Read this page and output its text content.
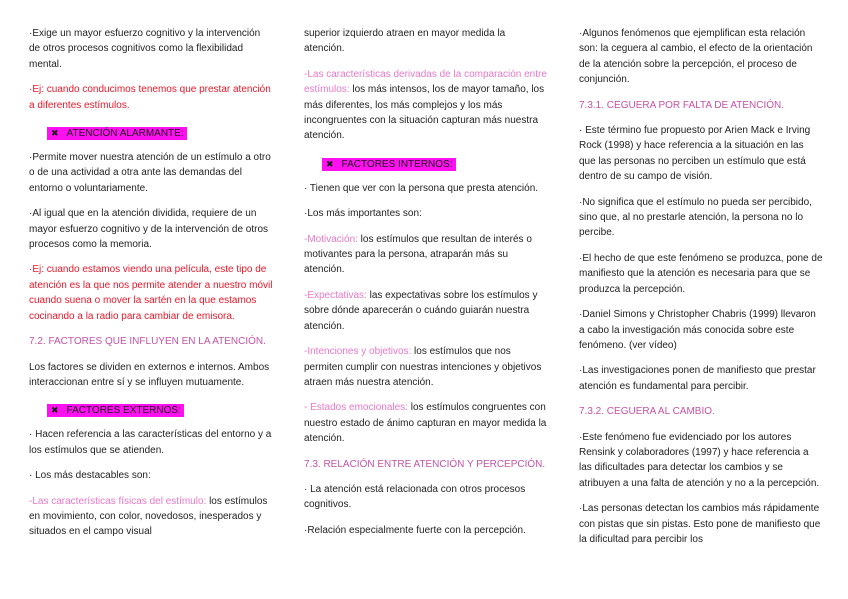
·Exige un mayor esfuerzo cognitivo y la intervención de otros procesos cognitivos como la flexibilidad mental.

·Ej: cuando conducimos tenemos que prestar atención a diferentes estímulos.

✖ ATENCIÓN ALARMANTE:

·Permite mover nuestra atención de un estímulo a otro o de una actividad a otra ante las demandas del entorno o voluntariamente.

·Al igual que en la atención dividida, requiere de un mayor esfuerzo cognitivo y de la intervención de otros procesos como la memoria.

·Ej: cuando estamos viendo una película, este tipo de atención es la que nos permite atender a nuestro móvil cuando suena o mover la sartén en la que estamos cocinando a la radio para cambiar de emisora.

7.2. FACTORES QUE INFLUYEN EN LA ATENCIÓN.

Los factores se dividen en externos e internos. Ambos interaccionan entre sí y se influyen mutuamente.

✖ FACTORES EXTERNOS:

· Hacen referencia a las características del entorno y a los estímulos que se atienden.

· Los más destacables son:

-Las características físicas del estímulo: los estímulos en movimiento, con color, novedosos, inesperados y situados en el campo visual

superior izquierdo atraen en mayor medida la atención.

-Las características derivadas de la comparación entre estímulos: los más intensos, los de mayor tamaño, los más diferentes, los más complejos y los más incongruentes con la situación capturan más nuestra atención.

✖ FACTORES INTERNOS:

· Tienen que ver con la persona que presta atención.

·Los más importantes son:

-Motivación: los estímulos que resultan de interés o motivantes para la persona, atraparán más su atención.

-Expectativas: las expectativas sobre los estímulos y sobre dónde aparecerán o cuándo guiarán nuestra atención.

-Intenciones y objetivos: los estímulos que nos permiten cumplir con nuestras intenciones y objetivos atraen más nuestra atención.

- Estados emocionales: los estímulos congruentes con nuestro estado de ánimo capturan en mayor medida la atención.

7.3. RELACIÓN ENTRE ATENCIÓN Y PERCEPCIÓN.

· La atención está relacionada con otros procesos cognitivos.

·Relación especialmente fuerte con la percepción.

·Algunos fenómenos que ejemplifican esta relación son: la ceguera al cambio, el efecto de la orientación de la atención sobre la percepción, el proceso de conjunción.

7.3.1. CEGUERA POR FALTA DE ATENCIÓN.

· Este término fue propuesto por Arien Mack e Irving Rock (1998) y hace referencia a la situación en las que las personas no perciben un estímulo que está dentro de su campo de visión.

·No significa que el estímulo no pueda ser percibido, sino que, al no prestarle atención, la persona no lo percibe.

·El hecho de que este fenómeno se produzca, pone de manifiesto que la atención es necesaria para que se produzca la percepción.

·Daniel Simons y Christopher Chabris (1999) llevaron a cabo la investigación más conocida sobre este fenómeno. (ver vídeo)

·Las investigaciones ponen de manifiesto que prestar atención es fundamental para percibir.

7.3.2. CEGUERA AL CAMBIO.

·Este fenómeno fue evidenciado por los autores Rensink y colaboradores (1997) y hace referencia a las dificultades para detectar los cambios y se atribuyen a una falta de atención y no a la percepción.

·Las personas detectan los cambios más rápidamente con pistas que sin pistas. Esto pone de manifiesto que la dificultad para percibir los
